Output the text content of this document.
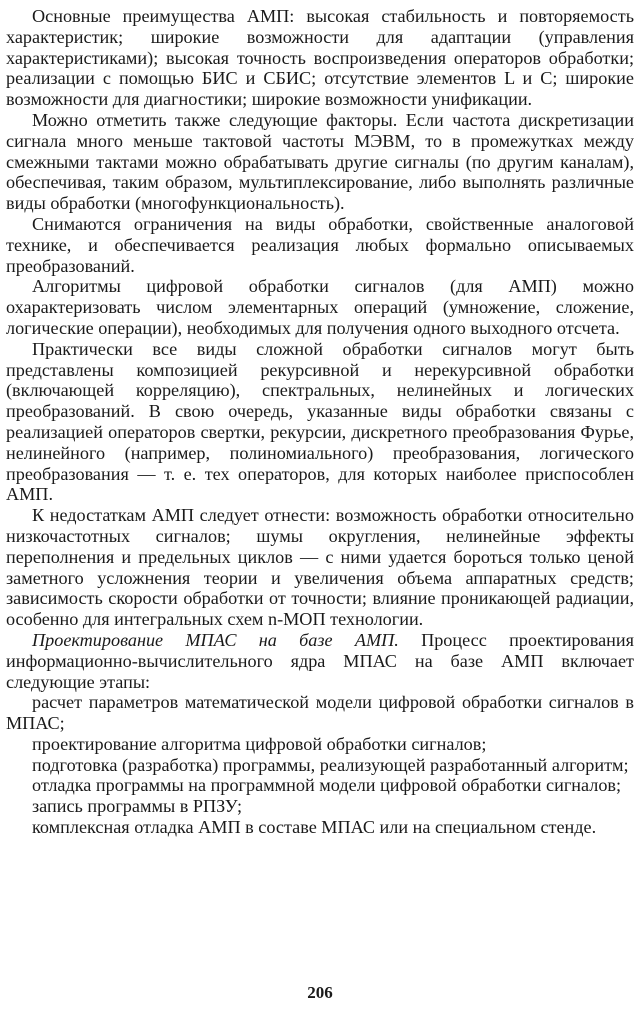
Основные преимущества АМП: высокая стабильность и повторяемость характеристик; широкие возможности для адаптации (управления характеристиками); высокая точность воспроизведения операторов обработки; реализации с помощью БИС и СБИС; отсутствие элементов L и C; широкие возможности для диагностики; широкие возможности унификации.

Можно отметить также следующие факторы. Если частота дискретизации сигнала много меньше тактовой частоты МЭВМ, то в промежутках между смежными тактами можно обрабатывать другие сигналы (по другим каналам), обеспечивая, таким образом, мультиплексирование, либо выполнять различные виды обработки (многофункциональность).

Снимаются ограничения на виды обработки, свойственные аналоговой технике, и обеспечивается реализация любых формально описываемых преобразований.

Алгоритмы цифровой обработки сигналов (для АМП) можно охарактеризовать числом элементарных операций (умножение, сложение, логические операции), необходимых для получения одного выходного отсчета.

Практически все виды сложной обработки сигналов могут быть представлены композицией рекурсивной и нерекурсивной обработки (включающей корреляцию), спектральных, нелинейных и логических преобразований. В свою очередь, указанные виды обработки связаны с реализацией операторов свертки, рекурсии, дискретного преобразования Фурье, нелинейного (например, полиномиального) преобразования, логического преобразования — т. е. тех операторов, для которых наиболее приспособлен АМП.

К недостаткам АМП следует отнести: возможность обработки относительно низкочастотных сигналов; шумы округления, нелинейные эффекты переполнения и предельных циклов — с ними удается бороться только ценой заметного усложнения теории и увеличения объема аппаратных средств; зависимость скорости обработки от точности; влияние проникающей радиации, особенно для интегральных схем n-МОП технологии.

Проектирование МПАС на базе АМП. Процесс проектирования информационно-вычислительного ядра МПАС на базе АМП включает следующие этапы:

расчет параметров математической модели цифровой обработки сигналов в МПАС;

проектирование алгоритма цифровой обработки сигналов;

подготовка (разработка) программы, реализующей разработанный алгоритм;

отладка программы на программной модели цифровой обработки сигналов;

запись программы в РПЗУ;

комплексная отладка АМП в составе МПАС или на специальном стенде.

206
